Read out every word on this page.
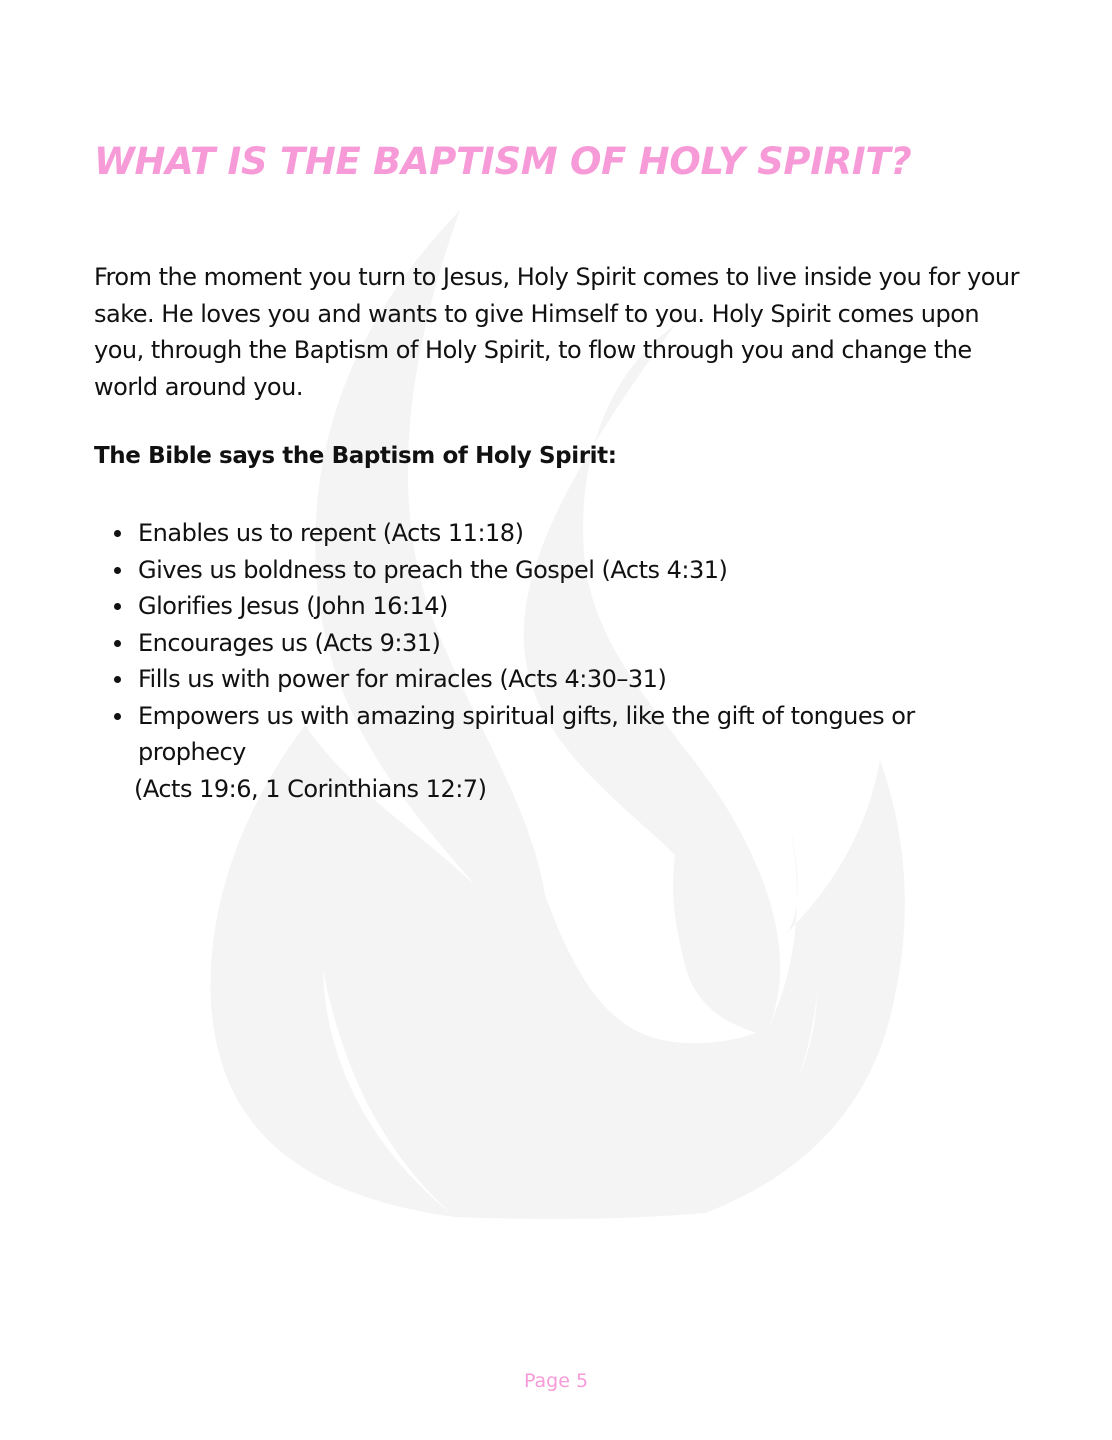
WHAT IS THE BAPTISM OF HOLY SPIRIT?

From the moment you turn to Jesus, Holy Spirit comes to live inside you for your sake. He loves you and wants to give Himself to you. Holy Spirit comes upon you, through the Baptism of Holy Spirit, to flow through you and change the world around you.

The Bible says the Baptism of Holy Spirit:
Enables us to repent (Acts 11:18)
Gives us boldness to preach the Gospel (Acts 4:31)
Glorifies Jesus (John 16:14)
Encourages us (Acts 9:31)
Fills us with power for miracles (Acts 4:30–31)
Empowers us with amazing spiritual gifts, like the gift of tongues or prophecy
(Acts 19:6, 1 Corinthians 12:7)
Page 5
